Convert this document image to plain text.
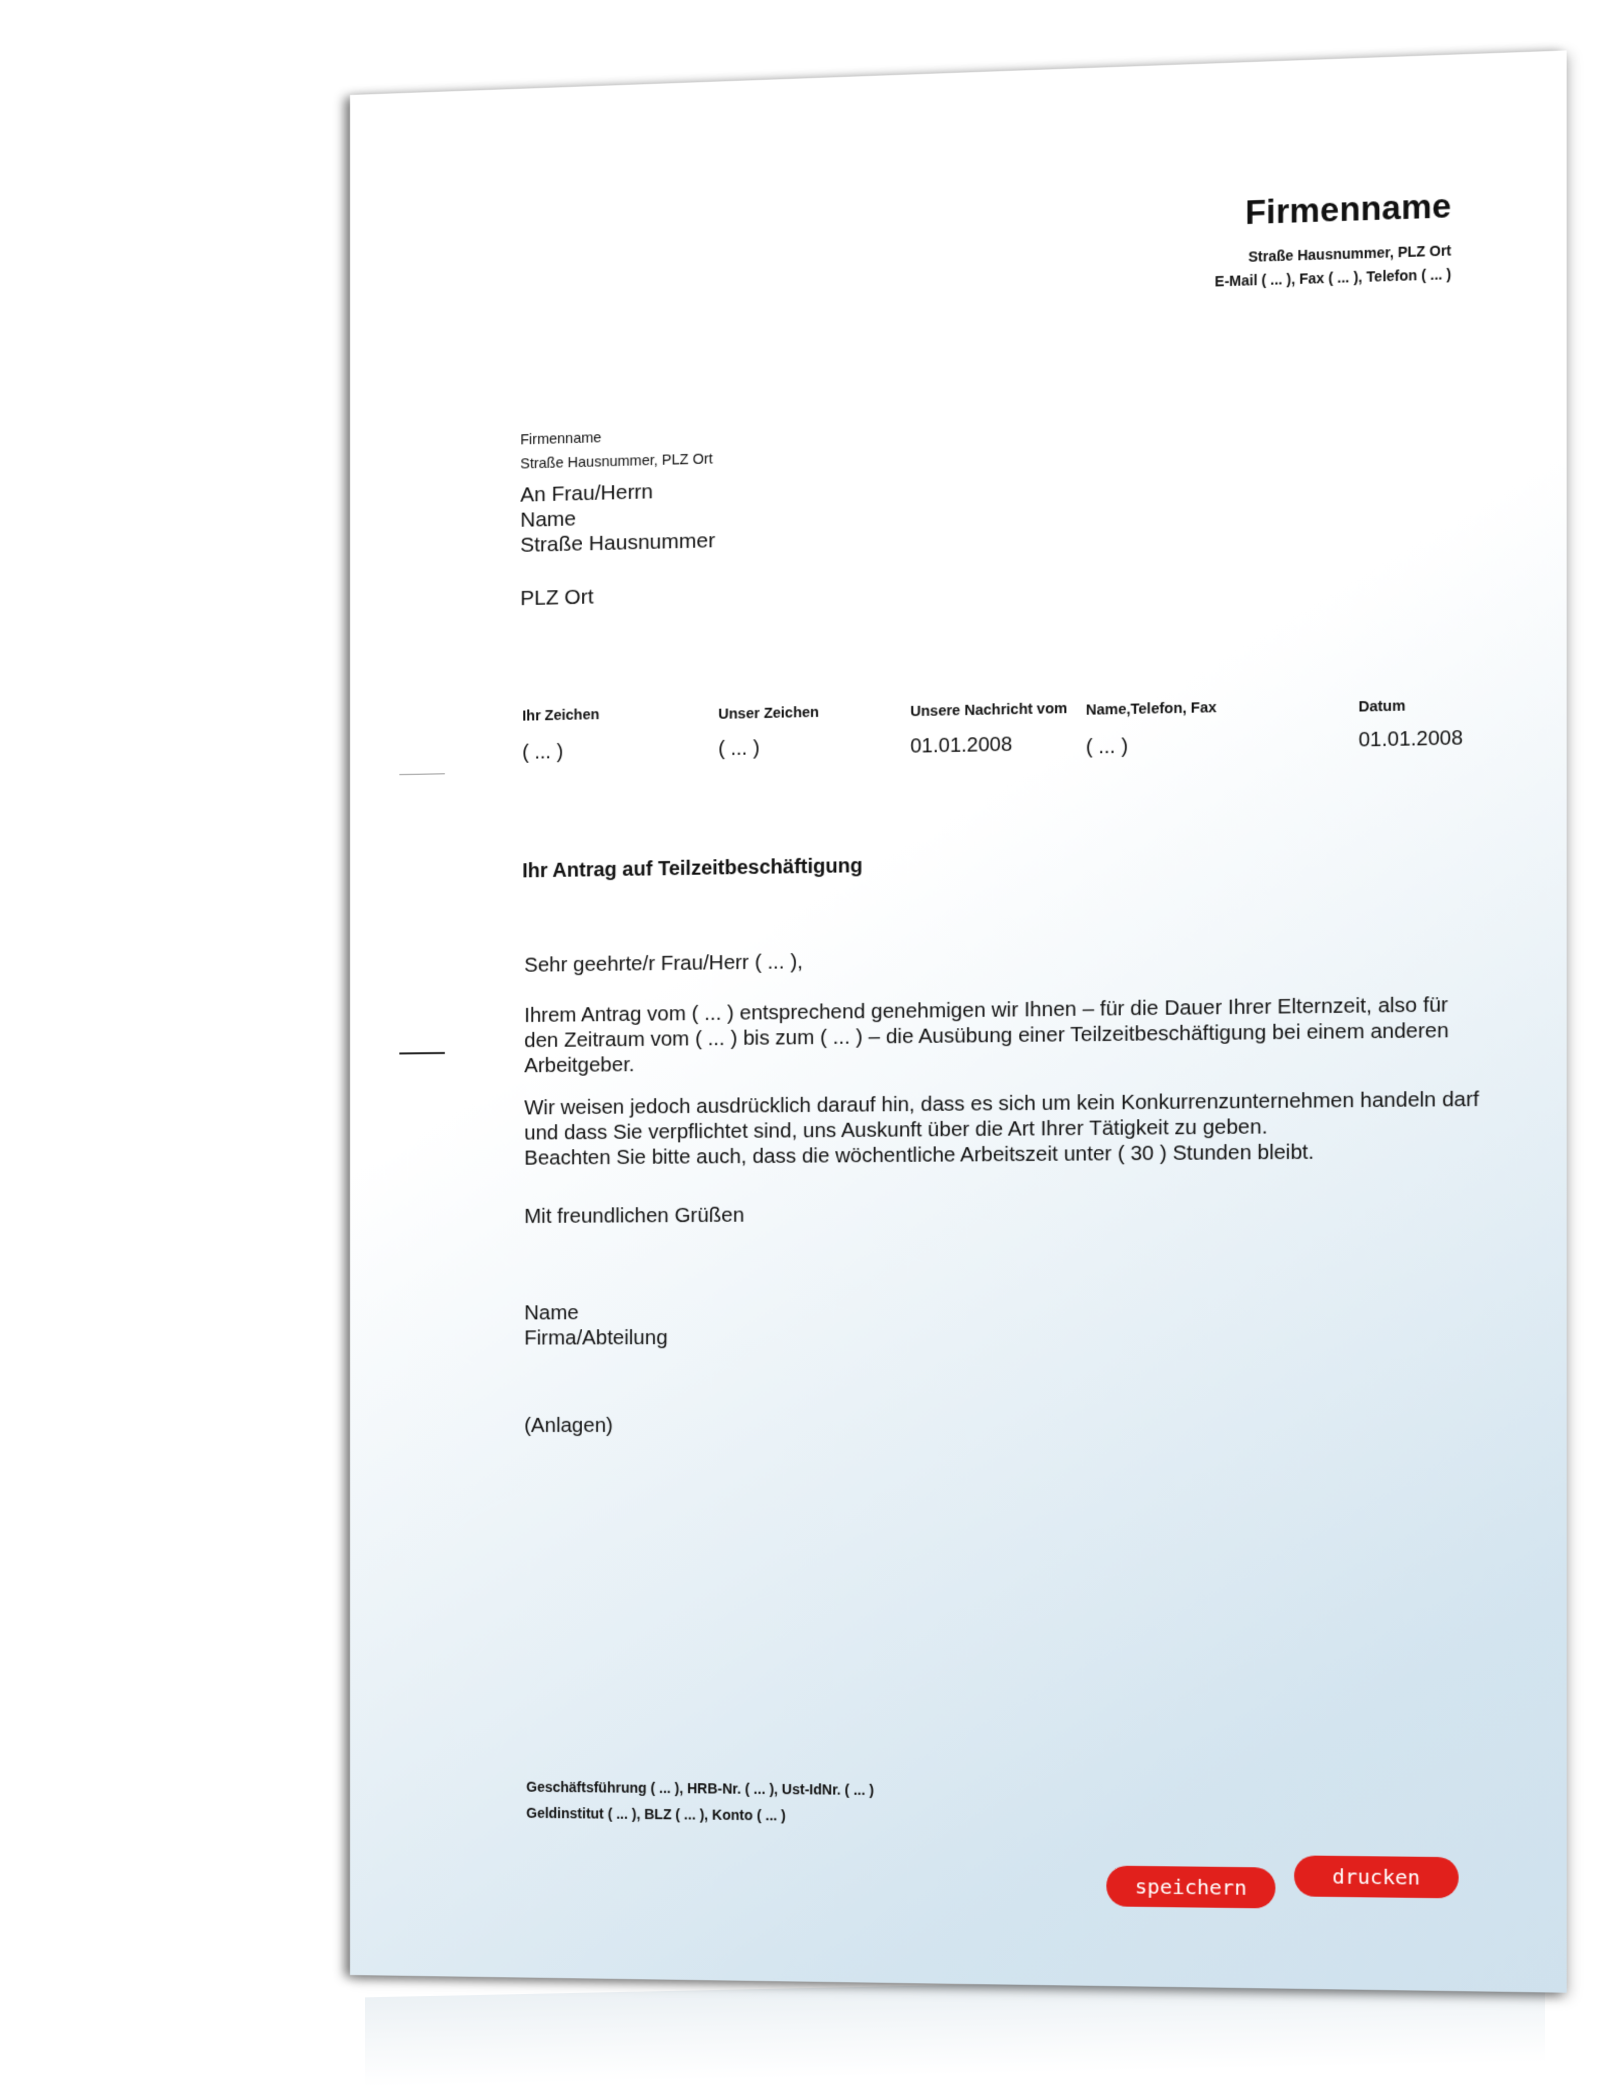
Firmenname
Straße Hausnummer, PLZ Ort
E-Mail ( ... ), Fax ( ... ), Telefon ( ... )
Firmenname
Straße Hausnummer, PLZ Ort
An Frau/Herrn
Name
Straße Hausnummer
PLZ Ort
Ihr Zeichen
( ... )
Unser Zeichen
( ... )
Unsere Nachricht vom
01.01.2008
Name,Telefon, Fax
( ... )
Datum
01.01.2008
Ihr Antrag auf Teilzeitbeschäftigung
Sehr geehrte/r Frau/Herr ( ... ),
Ihrem Antrag vom ( ... ) entsprechend genehmigen wir Ihnen – für die Dauer Ihrer Elternzeit, also für
den Zeitraum vom ( ... ) bis zum ( ... ) – die Ausübung einer Teilzeitbeschäftigung bei einem anderen
Arbeitgeber.
Wir weisen jedoch ausdrücklich darauf hin, dass es sich um kein Konkurrenzunternehmen handeln darf
und dass Sie verpflichtet sind, uns Auskunft über die Art Ihrer Tätigkeit zu geben.
Beachten Sie bitte auch, dass die wöchentliche Arbeitszeit unter ( 30 ) Stunden bleibt.
Mit freundlichen Grüßen
Name
Firma/Abteilung
(Anlagen)
Geschäftsführung ( ... ), HRB-Nr. ( ... ), Ust-IdNr. ( ... )
Geldinstitut ( ... ), BLZ ( ... ), Konto ( ... )
speichern	drucken
